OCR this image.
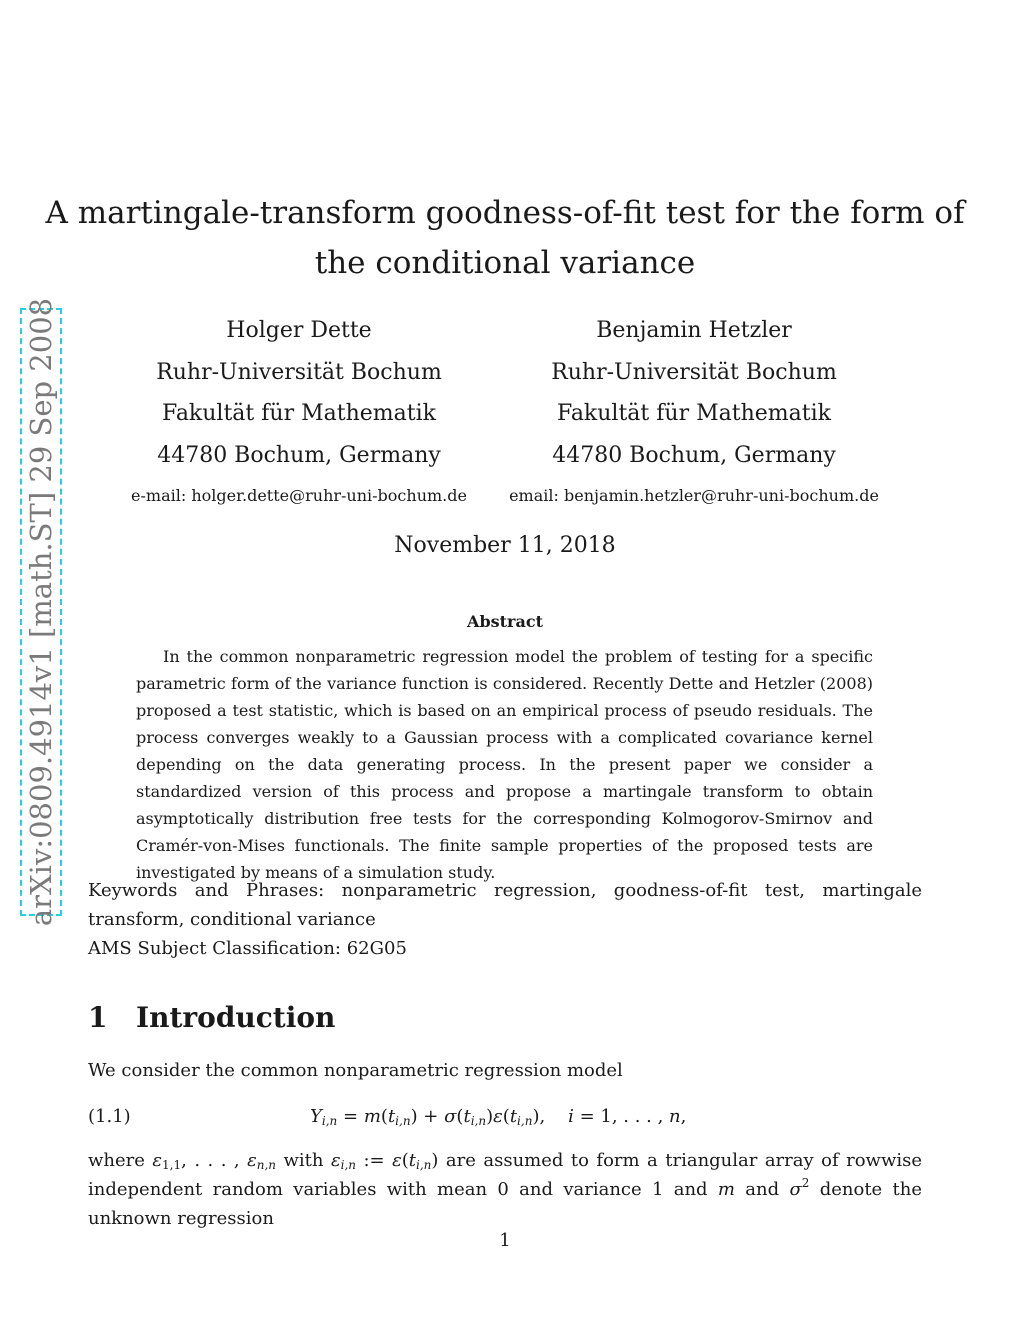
arXiv:0809.4914v1 [math.ST] 29 Sep 2008
A martingale-transform goodness-of-fit test for the form of
the conditional variance
Holger Dette
Ruhr-Universität Bochum
Fakultät für Mathematik
44780 Bochum, Germany
e-mail: holger.dette@ruhr-uni-bochum.de
Benjamin Hetzler
Ruhr-Universität Bochum
Fakultät für Mathematik
44780 Bochum, Germany
email: benjamin.hetzler@ruhr-uni-bochum.de
November 11, 2018
Abstract

In the common nonparametric regression model the problem of testing for a specific parametric form of the variance function is considered. Recently Dette and Hetzler (2008) proposed a test statistic, which is based on an empirical process of pseudo residuals. The process converges weakly to a Gaussian process with a complicated covariance kernel depending on the data generating process. In the present paper we consider a standardized version of this process and propose a martingale transform to obtain asymptotically distribution free tests for the corresponding Kolmogorov-Smirnov and Cramér-von-Mises functionals. The finite sample properties of the proposed tests are investigated by means of a simulation study.

Keywords and Phrases: nonparametric regression, goodness-of-fit test, martingale transform, conditional variance

AMS Subject Classification: 62G05

1 Introduction
We consider the common nonparametric regression model
(1.1)	$Y_{i,n} = m(t_{i,n}) + \sigma(t_{i,n})\varepsilon(t_{i,n})$,    i = 1, . . . , n,
where $\varepsilon_{1,1}$, . . . , $\varepsilon_{n,n}$ with $\varepsilon_{i,n}$ := $\varepsilon(t_{i,n})$ are assumed to form a triangular array of rowwise independent random variables with mean 0 and variance 1 and m and $\sigma^2$ denote the unknown regression
1
